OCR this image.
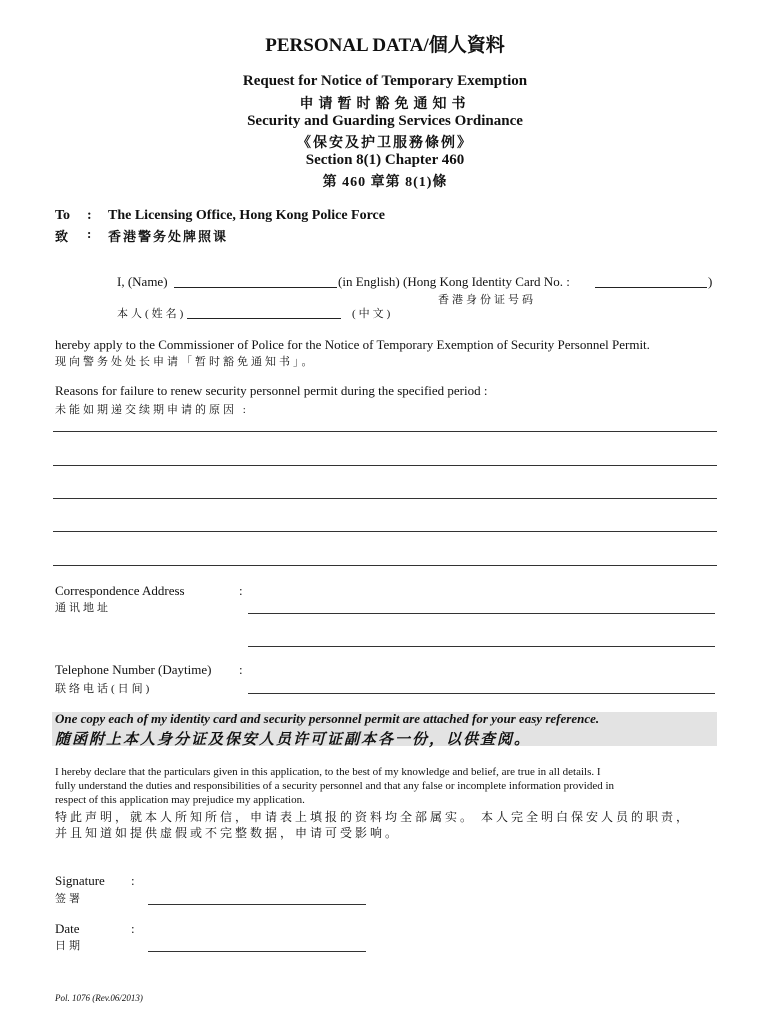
PERSONAL DATA/個人資料
Request for Notice of Temporary Exemption
申请暂时豁免通知书
Security and Guarding Services Ordinance
《保安及护卫服務條例》
Section 8(1) Chapter 460
第 460 章第 8(1)條
To : The Licensing Office, Hong Kong Police Force
致 : 香港警务处牌照课
I, (Name)	(in English) (Hong Kong Identity Card No. :	)
香港身份证号码
本人(姓名)	(中文)
hereby apply to the Commissioner of Police for the Notice of Temporary Exemption of Security Personnel Permit.
现向警务处处长申请「暂时豁免通知书」。
Reasons for failure to renew security personnel permit during the specified period :
未能如期递交续期申请的原因 :
Correspondence Address	:
通讯地址
Telephone Number (Daytime) :
联络电话(日间)
One copy each of my identity card and security personnel permit are attached for your easy reference.
随函附上本人身分证及保安人员许可证副本各一份，以供查阅。
I hereby declare that the particulars given in this application, to the best of my knowledge and belief, are true in all details. I
fully understand the duties and responsibilities of a security personnel and that any false or incomplete information provided in
respect of this application may prejudice my application.
特此声明，就本人所知所信，申请表上填报的资料均全部属实。 本人完全明白保安人员的职责，
并且知道如提供虚假或不完整数据，申请可受影响。
Signature :
签署
Date	:
日期
Pol. 1076 (Rev.06/2013)
